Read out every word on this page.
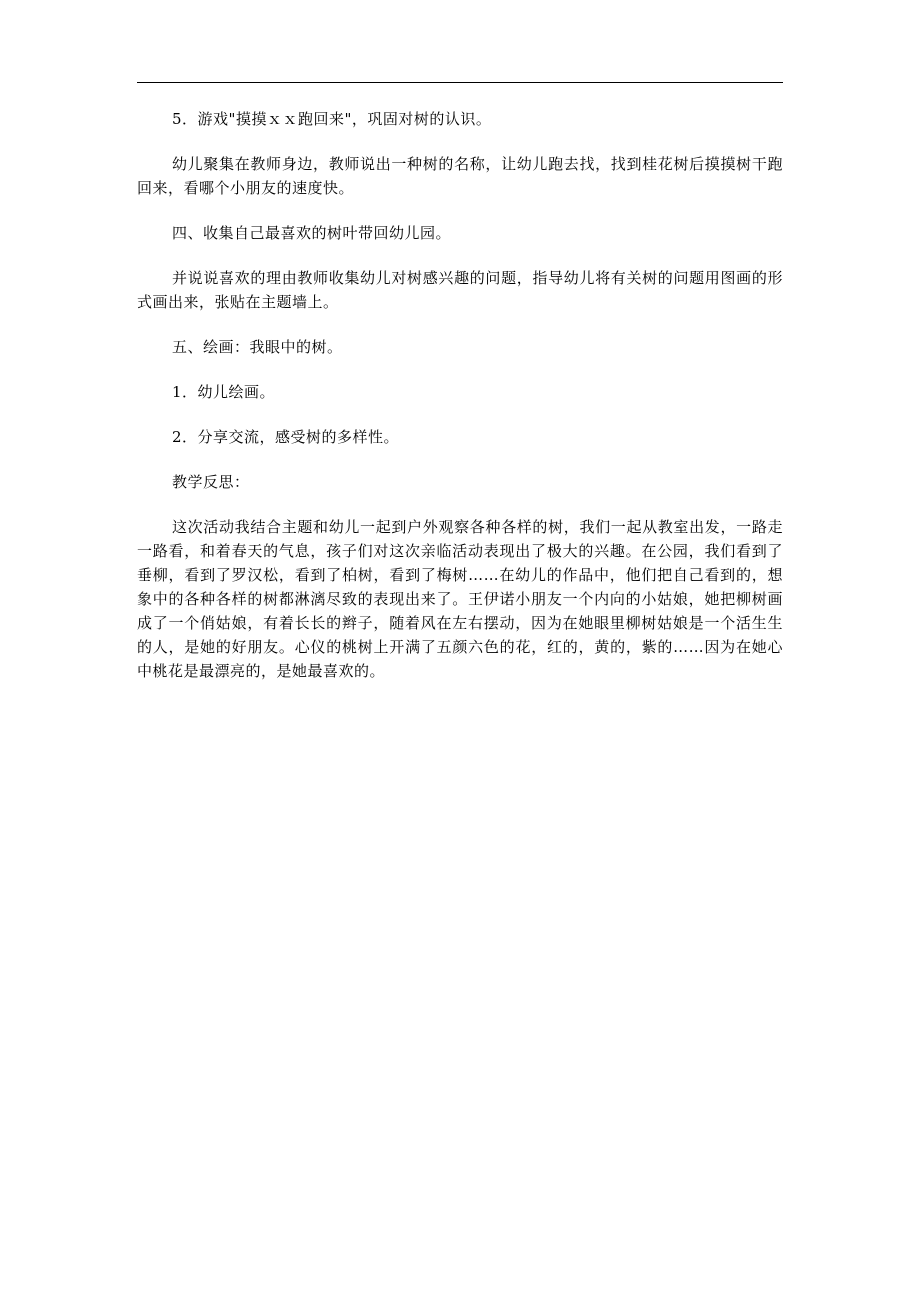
5．游戏"摸摸ｘｘ跑回来"，巩固对树的认识。

幼儿聚集在教师身边，教师说出一种树的名称，让幼儿跑去找，找到桂花树后摸摸树干跑回来，看哪个小朋友的速度快。

四、收集自己最喜欢的树叶带回幼儿园。

并说说喜欢的理由教师收集幼儿对树感兴趣的问题，指导幼儿将有关树的问题用图画的形式画出来，张贴在主题墙上。

五、绘画：我眼中的树。

1．幼儿绘画。

2．分享交流，感受树的多样性。

教学反思：

这次活动我结合主题和幼儿一起到户外观察各种各样的树，我们一起从教室出发，一路走一路看，和着春天的气息，孩子们对这次亲临活动表现出了极大的兴趣。在公园，我们看到了垂柳，看到了罗汉松，看到了柏树，看到了梅树……在幼儿的作品中，他们把自己看到的，想象中的各种各样的树都淋漓尽致的表现出来了。王伊诺小朋友一个内向的小姑娘，她把柳树画成了一个俏姑娘，有着长长的辫子，随着风在左右摆动，因为在她眼里柳树姑娘是一个活生生的人，是她的好朋友。心仪的桃树上开满了五颜六色的花，红的，黄的，紫的……因为在她心中桃花是最漂亮的，是她最喜欢的。
